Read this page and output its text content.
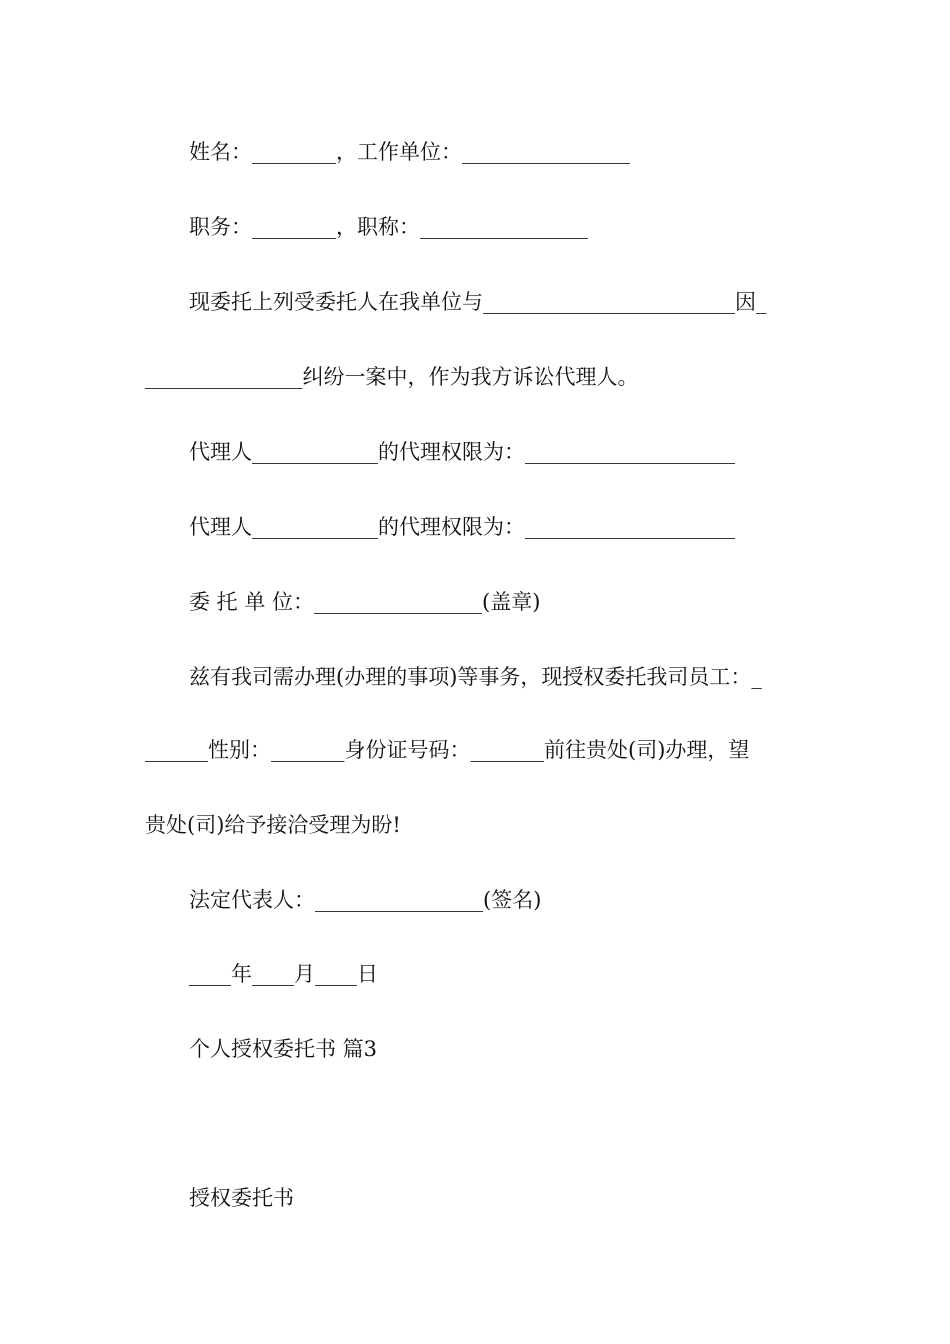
姓名：________，工作单位：________________
职务：________，职称：________________
现委托上列受委托人在我单位与________________________因_
_______________纠纷一案中，作为我方诉讼代理人。
代理人____________的代理权限为：____________________
代理人____________的代理权限为：____________________
委 托 单 位：________________(盖章)
兹有我司需办理(办理的事项)等事务，现授权委托我司员工：_
______性别：_______身份证号码：_______前往贵处(司)办理，望
贵处(司)给予接洽受理为盼!
法定代表人：________________(签名)
____年____月____日
个人授权委托书 篇3
授权委托书
